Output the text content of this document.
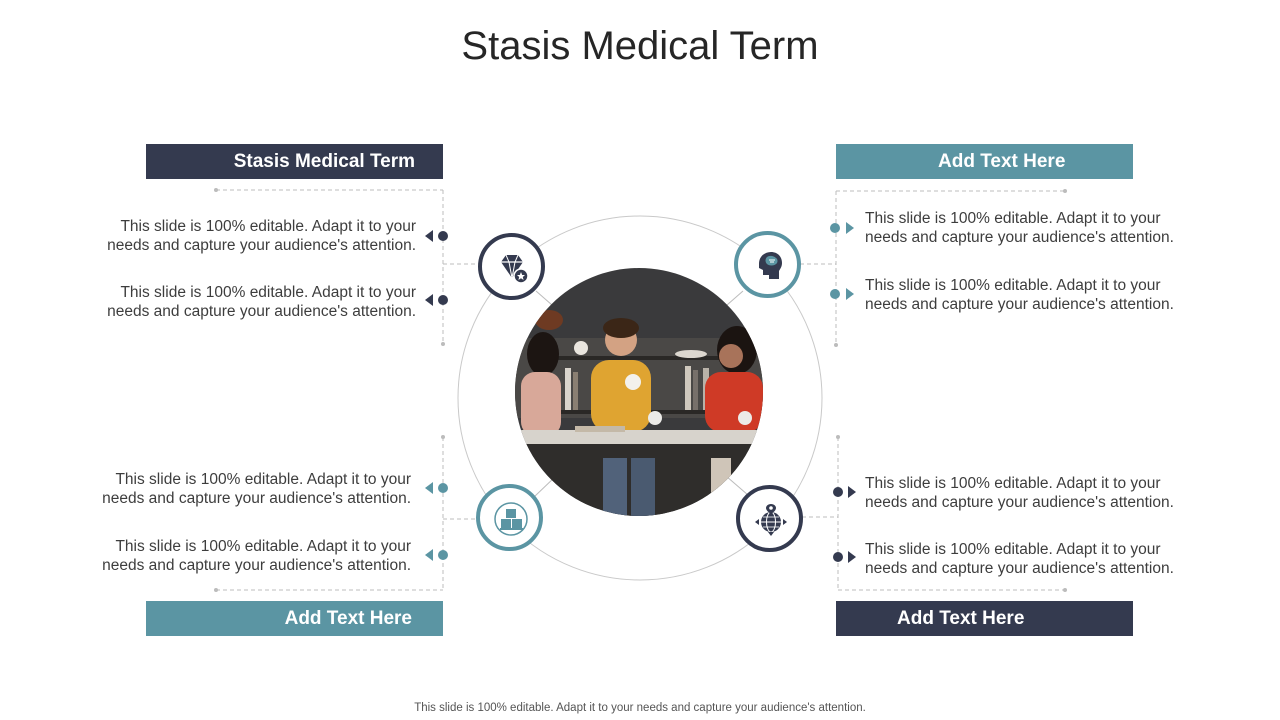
Stasis Medical Term
Stasis Medical Term	Add Text Here
Add Text Here	Add Text Here
This slide is 100% editable. Adapt it to your
needs and capture your audience's attention.
This slide is 100% editable. Adapt it to your
needs and capture your audience's attention.
This slide is 100% editable. Adapt it to your
needs and capture your audience's attention.
This slide is 100% editable. Adapt it to your
needs and capture your audience's attention.
This slide is 100% editable. Adapt it to your
needs and capture your audience's attention.
This slide is 100% editable. Adapt it to your
needs and capture your audience's attention.
This slide is 100% editable. Adapt it to your
needs and capture your audience's attention.
This slide is 100% editable. Adapt it to your
needs and capture your audience's attention.
This slide is 100% editable. Adapt it to your needs and capture your audience's attention.
